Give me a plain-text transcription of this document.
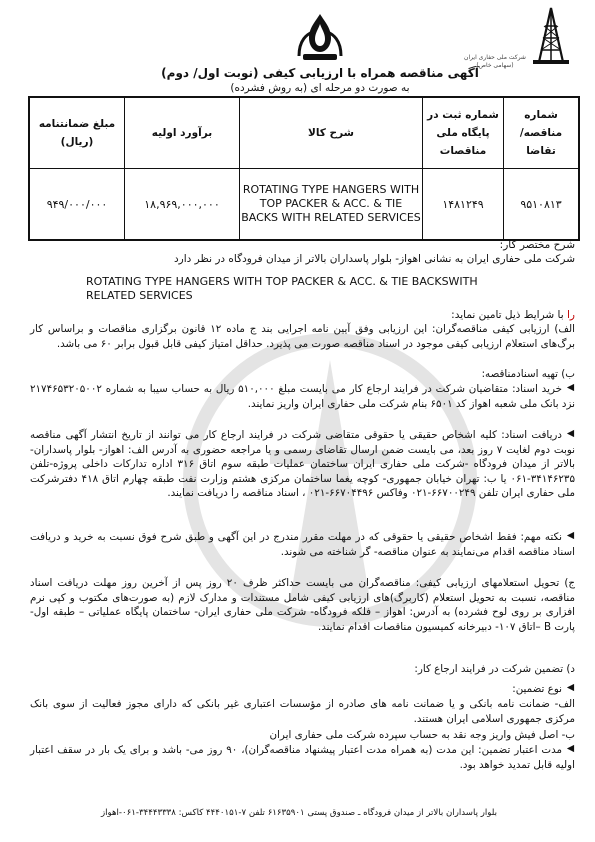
شرکت ملی حفاری ایران
(سهامی خاص)
آگهی مناقصه همراه با ارزیابی کیفی (نوبت اول/ دوم)
به صورت دو مرحله ای (به روش فشرده)
شماره مناقصه/ تقاضا	شماره ثبت در پایگاه ملی مناقصات	شرح کالا	برآورد اولیه	مبلغ ضمانتنامه (ریال)
۹۵۱۰۸۱۳	۱۴۸۱۲۴۹	ROTATING TYPE HANGERS WITH TOP PACKER & ACC. & TIE BACKS WITH RELATED SERVICES	۱۸,۹۶۹,۰۰۰,۰۰۰	۹۴۹/۰۰۰/۰۰۰
شرح مختصر کار:
شرکت ملی حفاری ایران به نشانی اهواز- بلوار پاسداران بالاتر از میدان فرودگاه در نظر دارد
ROTATING TYPE HANGERS WITH TOP PACKER & ACC. & TIE BACKSWITH RELATED SERVICES
را با شرایط ذیل تامین نماید:
الف) ارزیابی کیفی مناقصه‌گران: این ارزیابی وفق آیین نامه اجرایی بند ج ماده ۱۲ قانون برگزاری مناقصات و براساس کار برگ‌های استعلام ارزیابی کیفی موجود در اسناد مناقصه صورت می پذیرد. حداقل امتیاز کیفی قابل قبول برابر ۶۰ می باشد.
ب) تهیه اسنادمناقصه:
خرید اسناد: متقاضیان شرکت در فرایند ارجاع کار می بایست مبلغ ۵۱۰,۰۰۰ ریال به حساب سیبا به شماره ۲۱۷۴۶۵۳۲۰۵۰۰۲ نزد بانک ملی شعبه اهواز کد ۶۵۰۱ بنام شرکت ملی حفاری ایران واریز نمایند.
دریافت اسناد: کلیه اشخاص حقیقی یا حقوقی متقاضی شرکت در فرایند ارجاع کار می توانند از تاریخ انتشار آگهی مناقصه نوبت دوم لغایت ۷ روز بعد، می بایست ضمن ارسال تقاضای رسمی و یا مراجعه حضوری به آدرس الف: اهواز- بلوار پاسداران- بالاتر از میدان فرودگاه -شرکت ملی حفاری ایران ساختمان عملیات طبقه سوم اتاق ۳۱۶ اداره تدارکات داخلی پروژه-تلفن ۳۴۱۴۶۲۳۵-۰۶۱ یا ب: تهران خیابان جمهوری- کوچه یغما ساختمان مرکزی هشتم وزارت نفت طبقه چهارم اتاق ۴۱۸ دفترشرکت ملی حفاری ایران تلفن ۶۶۷۰۰۲۴۹-۰۲۱ وفاکس ۶۶۷۰۴۴۹۶-۰۲۱ ، اسناد مناقصه را دریافت نمایند.
نکته مهم: فقط اشخاص حقیقی یا حقوقی که در مهلت مقرر مندرج در این آگهی و طبق شرح فوق نسبت به خرید و دریافت اسناد مناقصه اقدام می‌نمایند به عنوان مناقصه- گر شناخته می شوند.
ج) تحویل استعلامهای ارزیابی کیفی: مناقصه‌گران می بایست حداکثر ظرف ۲۰ روز پس از آخرین روز مهلت دریافت اسناد مناقصه، نسبت به تحویل استعلام (کاربرگ)های ارزیابی کیفی شامل مستندات و مدارک لازم (به صورت‌های مکتوب و کپی نرم افزاری بر روی لوح فشرده) به آدرس: اهواز – فلکه فرودگاه- شرکت ملی حفاری ایران- ساختمان پایگاه عملیاتی – طبقه اول- پارت B –اتاق ۱۰۷- دبیرخانه کمیسیون مناقصات اقدام نمایند.
د) تضمین شرکت در فرایند ارجاع کار:
نوع تضمین:
الف- ضمانت نامه بانکی و یا ضمانت نامه های صادره از مؤسسات اعتباری غیر بانکی که دارای مجوز فعالیت از سوی بانک مرکزی جمهوری اسلامی ایران هستند.
ب- اصل فیش واریز وجه نقد به حساب سپرده شرکت ملی حفاری ایران
مدت اعتبار تضمین: این مدت (به همراه مدت اعتبار پیشنهاد مناقصه‌گران)، ۹۰ روز می- باشد و برای یک بار در سقف اعتبار اولیه قابل تمدید خواهد بود.
بلوار پاسداران بالاتر از میدان فرودگاه ـ صندوق پستی ۶۱۶۳۵۹۰۱ تلفن ۷-۴۴۴۰۱۵۱ کاکس: ۳۴۴۴۳۳۳۸-۰۶۱-اهواز
